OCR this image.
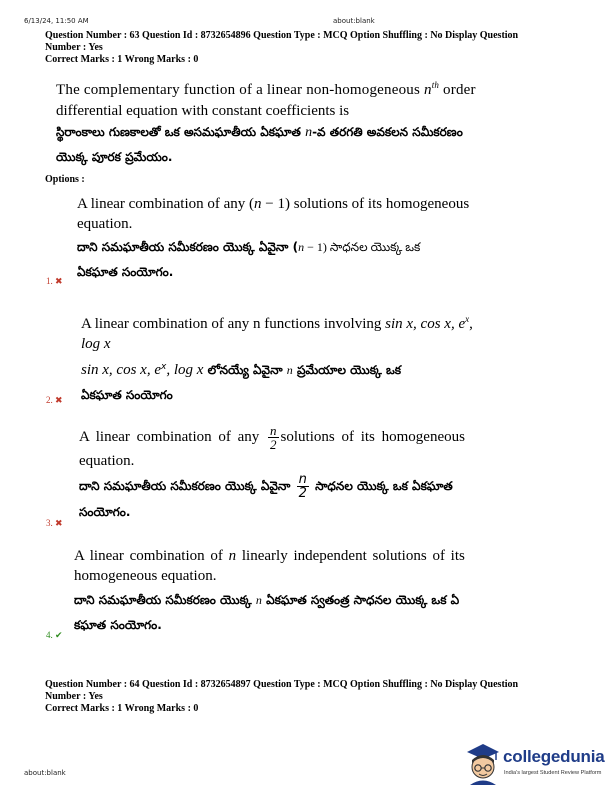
6/13/24, 11:50 AM	about:blank
about:blank
Question Number : 63 Question Id : 8732654896 Question Type : MCQ Option Shuffling : No Display Question
Number : Yes
Correct Marks : 1 Wrong Marks : 0
The complementary function of a linear non-homogeneous $n^{th}$ order
differential equation with constant coefficients is
స్థిరాంకాలు గుణకాలతో ఒక అసమఘాతీయ ఏకఘాత n-వ తరగతి అవకలన సమీకరణం
యొక్క పూరక ప్రమేయం.
Options :
A linear combination of any (n − 1) solutions of its homogeneous
equation.
దాని సమఘాతీయ సమీకరణం యొక్క ఏవైనా (n − 1) సాధనల యొక్క ఒక
ఏకఘాత సంయోగం.
1. ✖
A linear combination of any n functions involving sin x, cos x, $e^x$,
log x
sin x, cos x, $e^x$, log x లోనయ్యే ఏవైనా n ప్రమేయాల యొక్క ఒక
ఏకఘాత సంయోగం
2. ✖
A linear combination of any $\frac{n}{2}$ solutions of its homogeneous
equation.
దాని సమఘాతీయ సమీకరణం యొక్క ఏవైనా $\frac{n}{2}$ సాధనల యొక్క ఒక ఏకఘాత
సంయోగం.
3. ✖
A linear combination of n linearly independent solutions of its
homogeneous equation.
దాని సమఘాతీయ సమీకరణం యొక్క n ఏకఘాత స్వతంత్ర సాధనల యొక్క ఒక ఏ
కఘాత సంయోగం.
4. ✔
Question Number : 64 Question Id : 8732654897 Question Type : MCQ Option Shuffling : No Display Question
Number : Yes
Correct Marks : 1 Wrong Marks : 0
collegedunia
India's largest Student Review Platform
